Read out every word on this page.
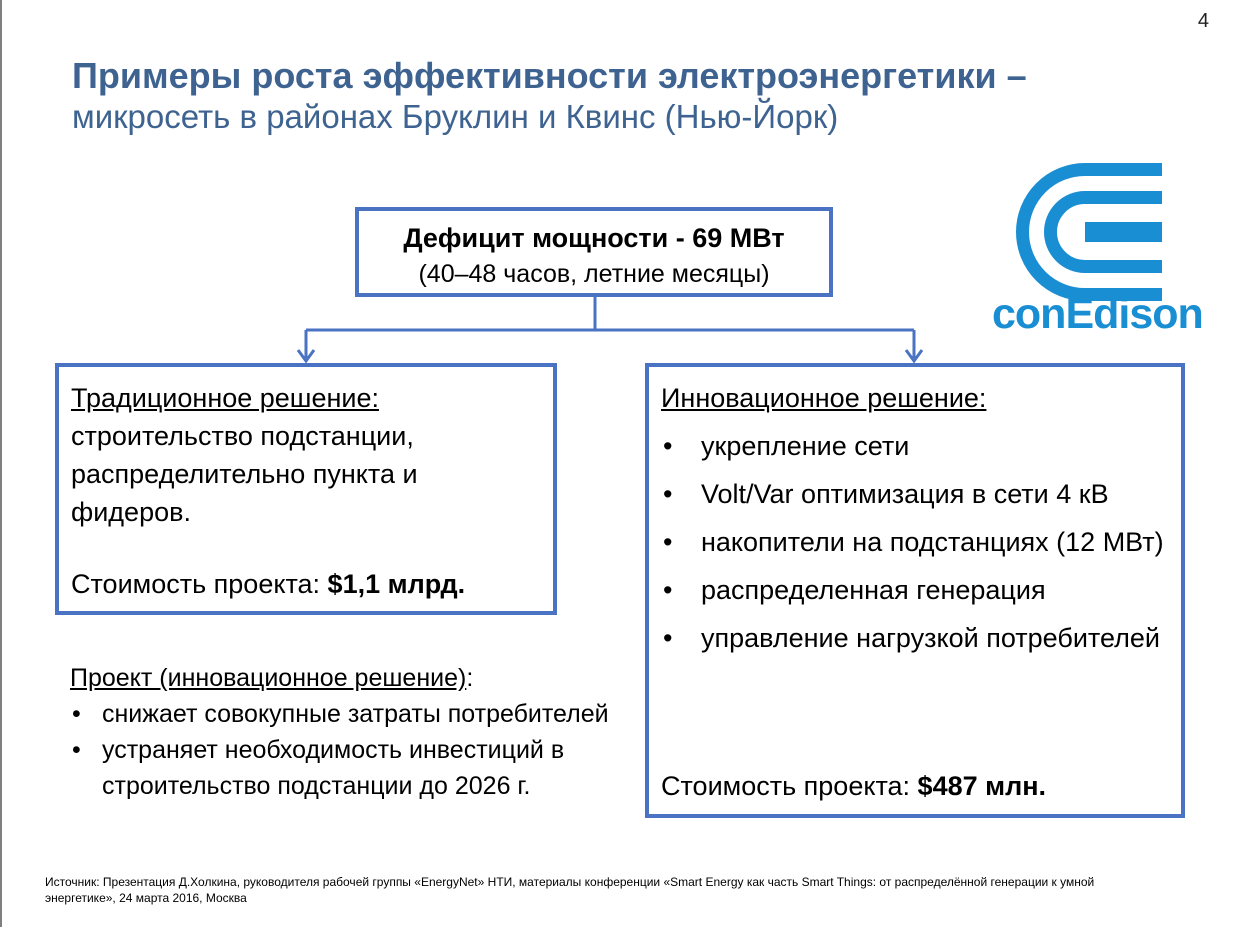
4
Примеры роста эффективности электроэнергетики –
микросеть в районах Бруклин и Квинс (Нью-Йорк)
Дефицит мощности - 69 МВт
(40–48 часов, летние месяцы)
conEdison
Традиционное решение:
строительство подстанции, распределительно пункта и фидеров.
Стоимость проекта: $1,1 млрд.
Инновационное решение:
• укрепление сети
• Volt/Var оптимизация в сети 4 кВ
• накопители на подстанциях (12 МВт)
• распределенная генерация
• управление нагрузкой потребителей
Стоимость проекта: $487 млн.
Проект (инновационное решение):
• снижает совокупные затраты потребителей
• устраняет необходимость инвестиций в строительство подстанции до 2026 г.
Источник: Презентация Д.Холкина, руководителя рабочей группы «EnergyNet» НТИ, материалы конференции «Smart Energy как часть Smart Things: от распределённой генерации к умной энергетике», 24 марта 2016, Москва
